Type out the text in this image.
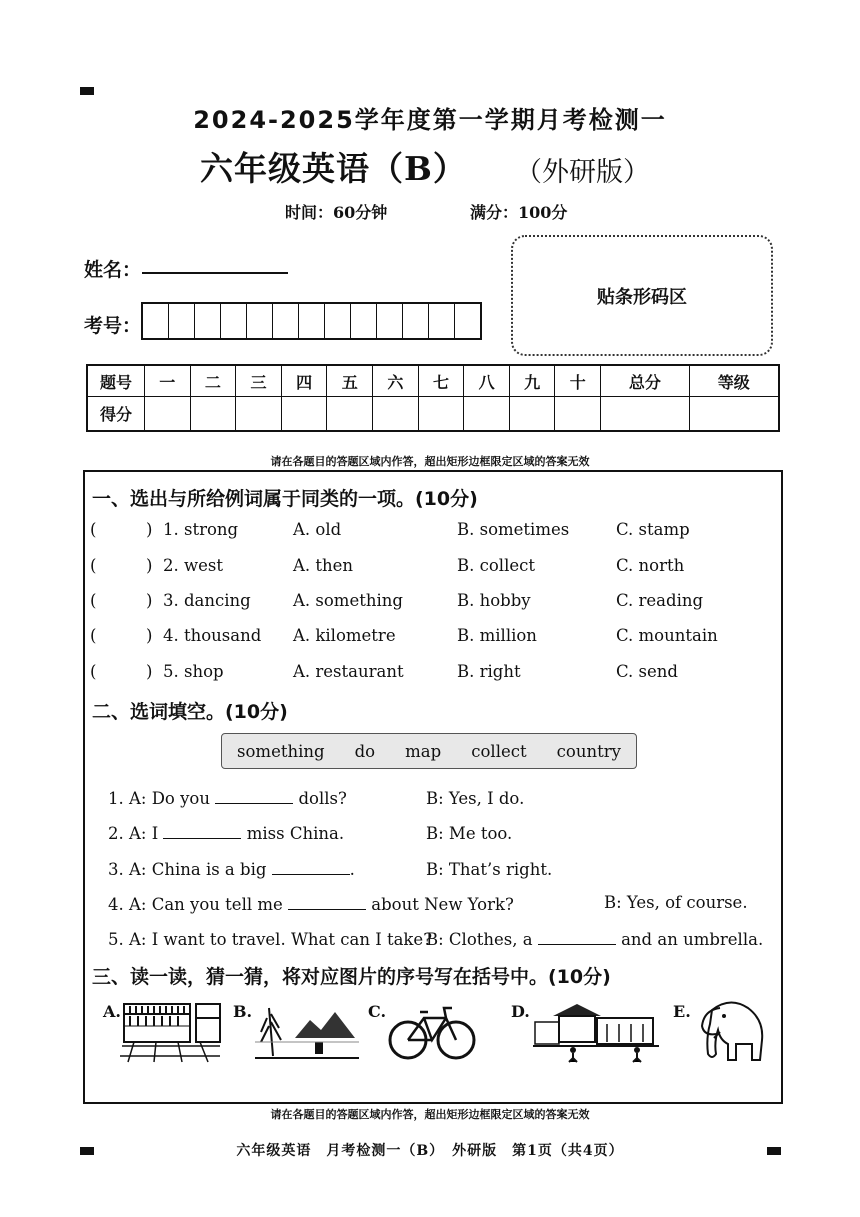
2024-2025学年度第一学期月考检测一
六年级英语（B） （外研版）
时间：60分钟	满分：100分
姓名：
考号：
贴条形码区
题号	一	二	三	四	五	六	七	八	九	十	总分	等级
得分												
请在各题目的答题区域内作答，超出矩形边框限定区域的答案无效
一、选出与所给例词属于同类的一项。(10分)
(	) 1. strong	A. old	B. sometimes	C. stamp
(	) 2. west	A. then	B. collect	C. north
(	) 3. dancing	A. something	B. hobby	C. reading
(	) 4. thousand A. kilometre	B. million	C. mountain
(	) 5. shop	A. restaurant	B. right	C. send
二、选词填空。(10分)
something do map collect country
1. A: Do you	dolls?	B: Yes, I do.
2. A: I	miss China.	B: Me too.
3. A: China is a big	.	B: That’s right.
4. A: Can you tell me	about New York?	B: Yes, of course.
5. A: I want to travel. What can I take?
B: Clothes, a	and an umbrella.
三、读一读，猜一猜，将对应图片的序号写在括号中。(10分)
A.	B.	C.	D.	E.
请在各题目的答题区域内作答，超出矩形边框限定区域的答案无效
六年级英语　月考检测一（B）　外研版　第1页（共4页）
